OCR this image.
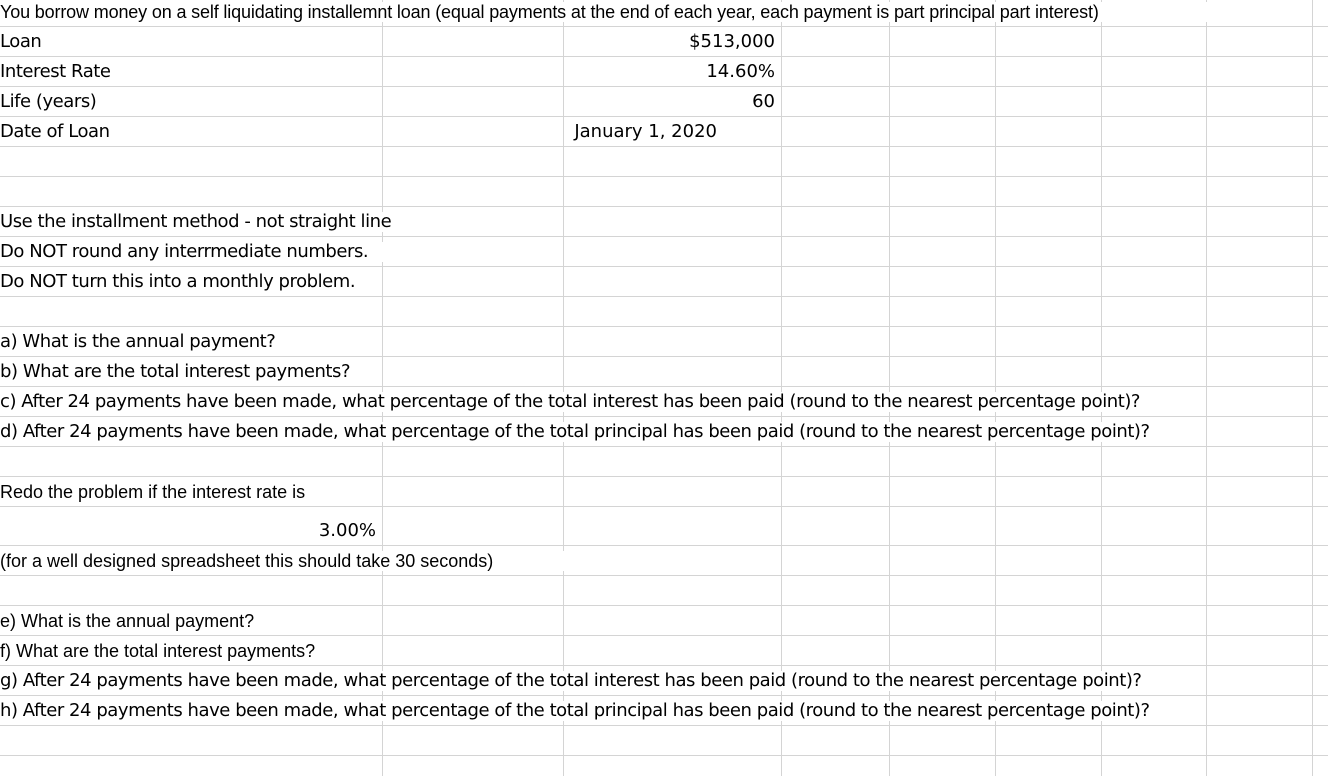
You borrow money on a self liquidating installemnt loan (equal payments at the end of each year, each payment is part principal part interest)
Loan	$513,000
Interest Rate	14.60%
Life (years)	60
Date of Loan	January 1, 2020
Use the installment method - not straight line
Do NOT round any interrmediate numbers.
Do NOT turn this into a monthly problem.
a) What is the annual payment?
b) What are the total interest payments?
c) After 24 payments have been made, what percentage of the total interest has been paid (round to the nearest percentage point)?
d) After 24 payments have been made, what percentage of the total principal has been paid (round to the nearest percentage point)?
Redo the problem if the interest rate is
3.00%
(for a well designed spreadsheet this should take 30 seconds)
e) What is the annual payment?
f) What are the total interest payments?
g) After 24 payments have been made, what percentage of the total interest has been paid (round to the nearest percentage point)?
h) After 24 payments have been made, what percentage of the total principal has been paid (round to the nearest percentage point)?
